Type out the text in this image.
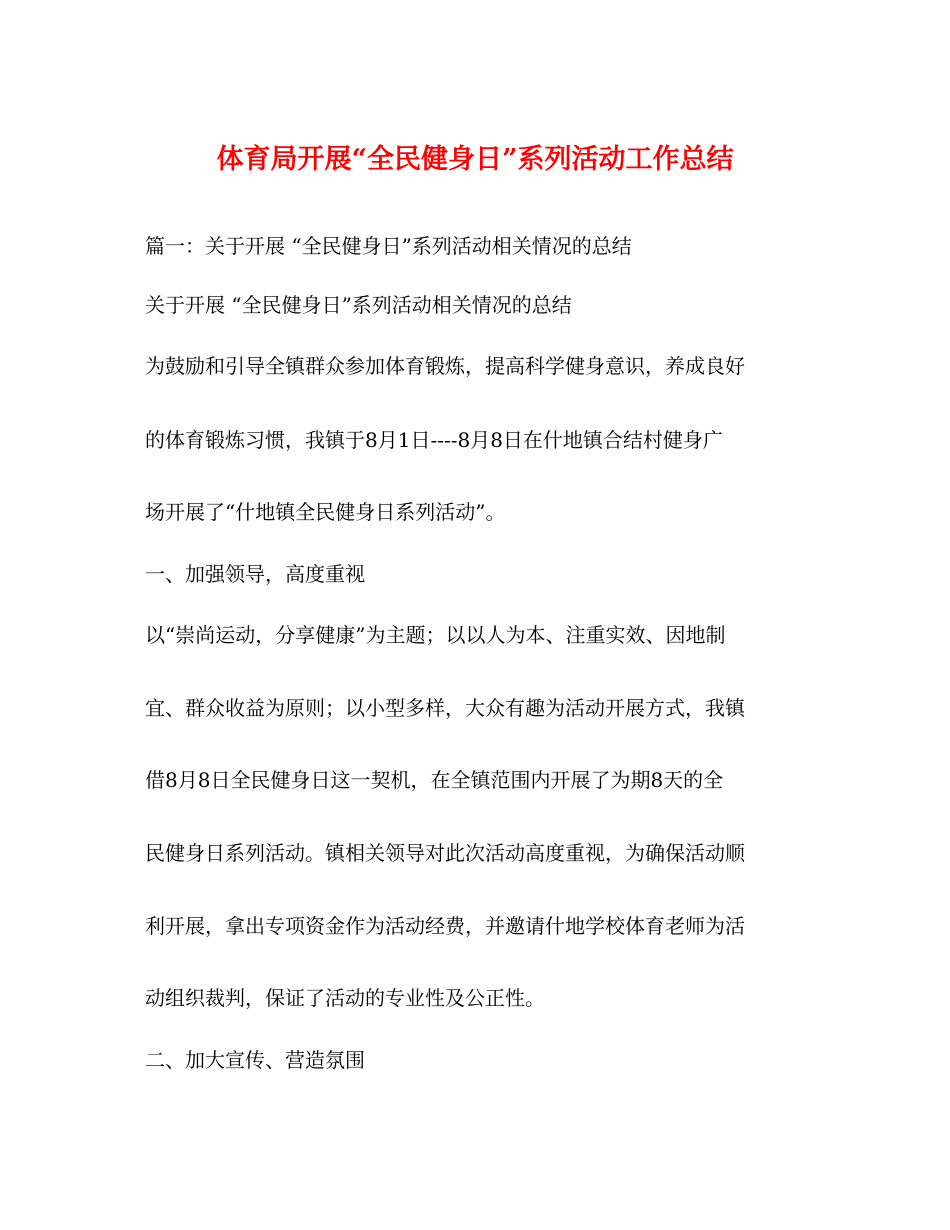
体育局开展“全民健身日”系列活动工作总结
篇一：关于开展 “全民健身日”系列活动相关情况的总结
关于开展 “全民健身日”系列活动相关情况的总结
为鼓励和引导全镇群众参加体育锻炼，提高科学健身意识，养成良好
的体育锻炼习惯，我镇于8月1日----8月8日在什地镇合结村健身广
场开展了“什地镇全民健身日系列活动”。
一、加强领导，高度重视
以“崇尚运动，分享健康”为主题；以以人为本、注重实效、因地制
宜、群众收益为原则；以小型多样，大众有趣为活动开展方式，我镇
借8月8日全民健身日这一契机，在全镇范围内开展了为期8天的全
民健身日系列活动。镇相关领导对此次活动高度重视，为确保活动顺
利开展，拿出专项资金作为活动经费，并邀请什地学校体育老师为活
动组织裁判，保证了活动的专业性及公正性。
二、加大宣传、营造氛围
